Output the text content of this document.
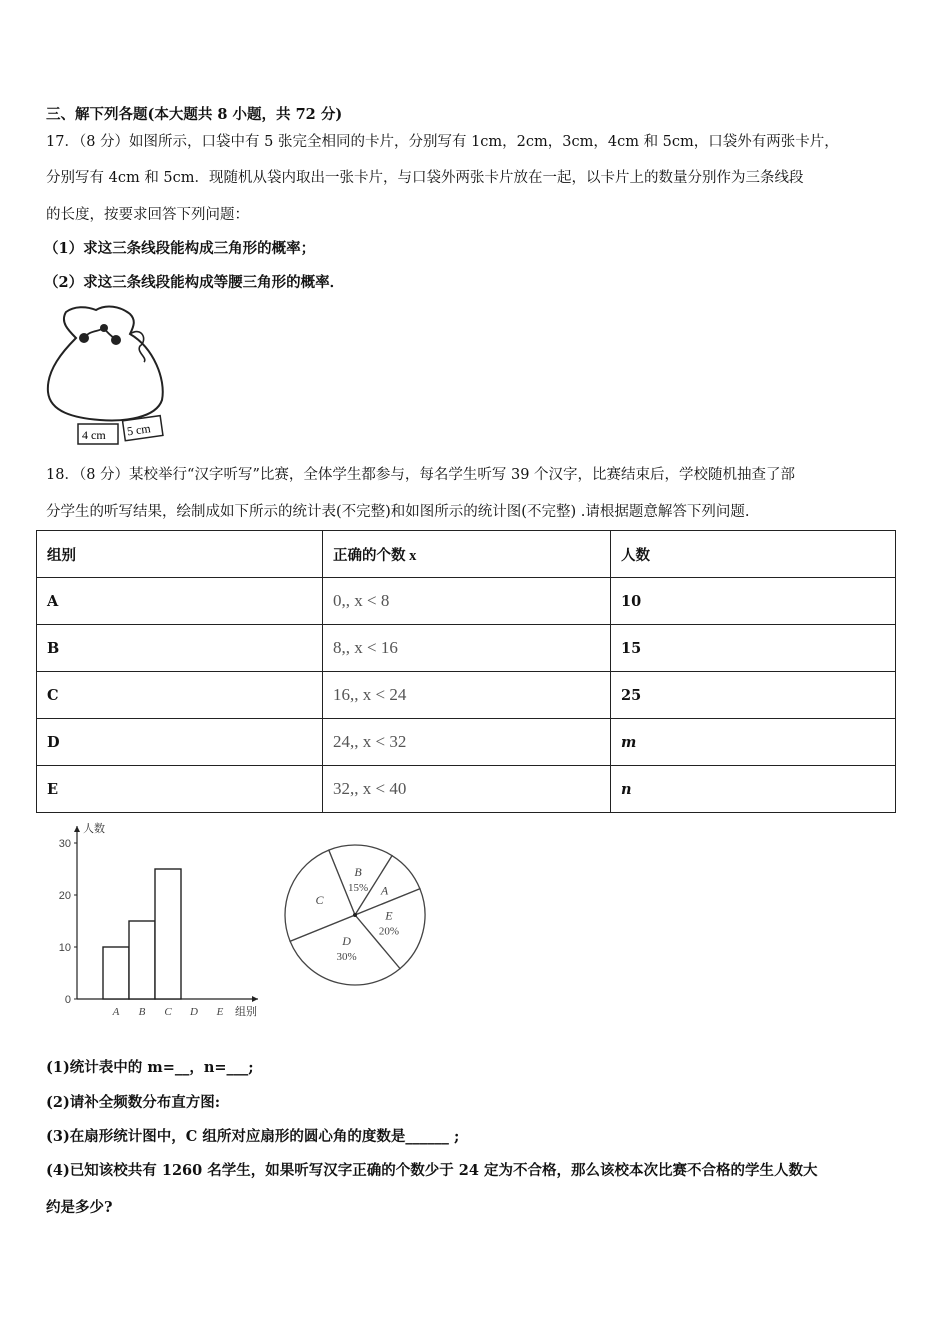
三、解下列各题(本大题共 8 小题，共 72 分)
17．（8 分）如图所示，口袋中有 5 张完全相同的卡片，分别写有 1cm，2cm，3cm，4cm 和 5cm，口袋外有两张卡片，
分别写有 4cm 和 5cm．现随机从袋内取出一张卡片，与口袋外两张卡片放在一起，以卡片上的数量分别作为三条线段
的长度，按要求回答下列问题：
（1）求这三条线段能构成三角形的概率；
（2）求这三条线段能构成等腰三角形的概率．
4 cm 5 cm
18．（8 分）某校举行“汉字听写”比赛，全体学生都参与，每名学生听写 39 个汉字，比赛结束后，学校随机抽查了部
分学生的听写结果，绘制成如下所示的统计表(不完整)和如图所示的统计图(不完整) .请根据题意解答下列问题.
组别	正确的个数 x	人数
A	0,, x < 8	10
B	8,, x < 16	15
C	16,, x < 24	25
D	24,, x < 32	m
E	32,, x < 40	n
人数
0
10
20
30
A B C D E 组别
B
15% A
E
20%
D
30%
C
(1)统计表中的 m=__，n=___;
(2)请补全频数分布直方图:
(3)在扇形统计图中，C 组所对应扇形的圆心角的度数是______ ;
(4)已知该校共有 1260 名学生，如果听写汉字正确的个数少于 24 定为不合格，那么该校本次比赛不合格的学生人数大
约是多少?
